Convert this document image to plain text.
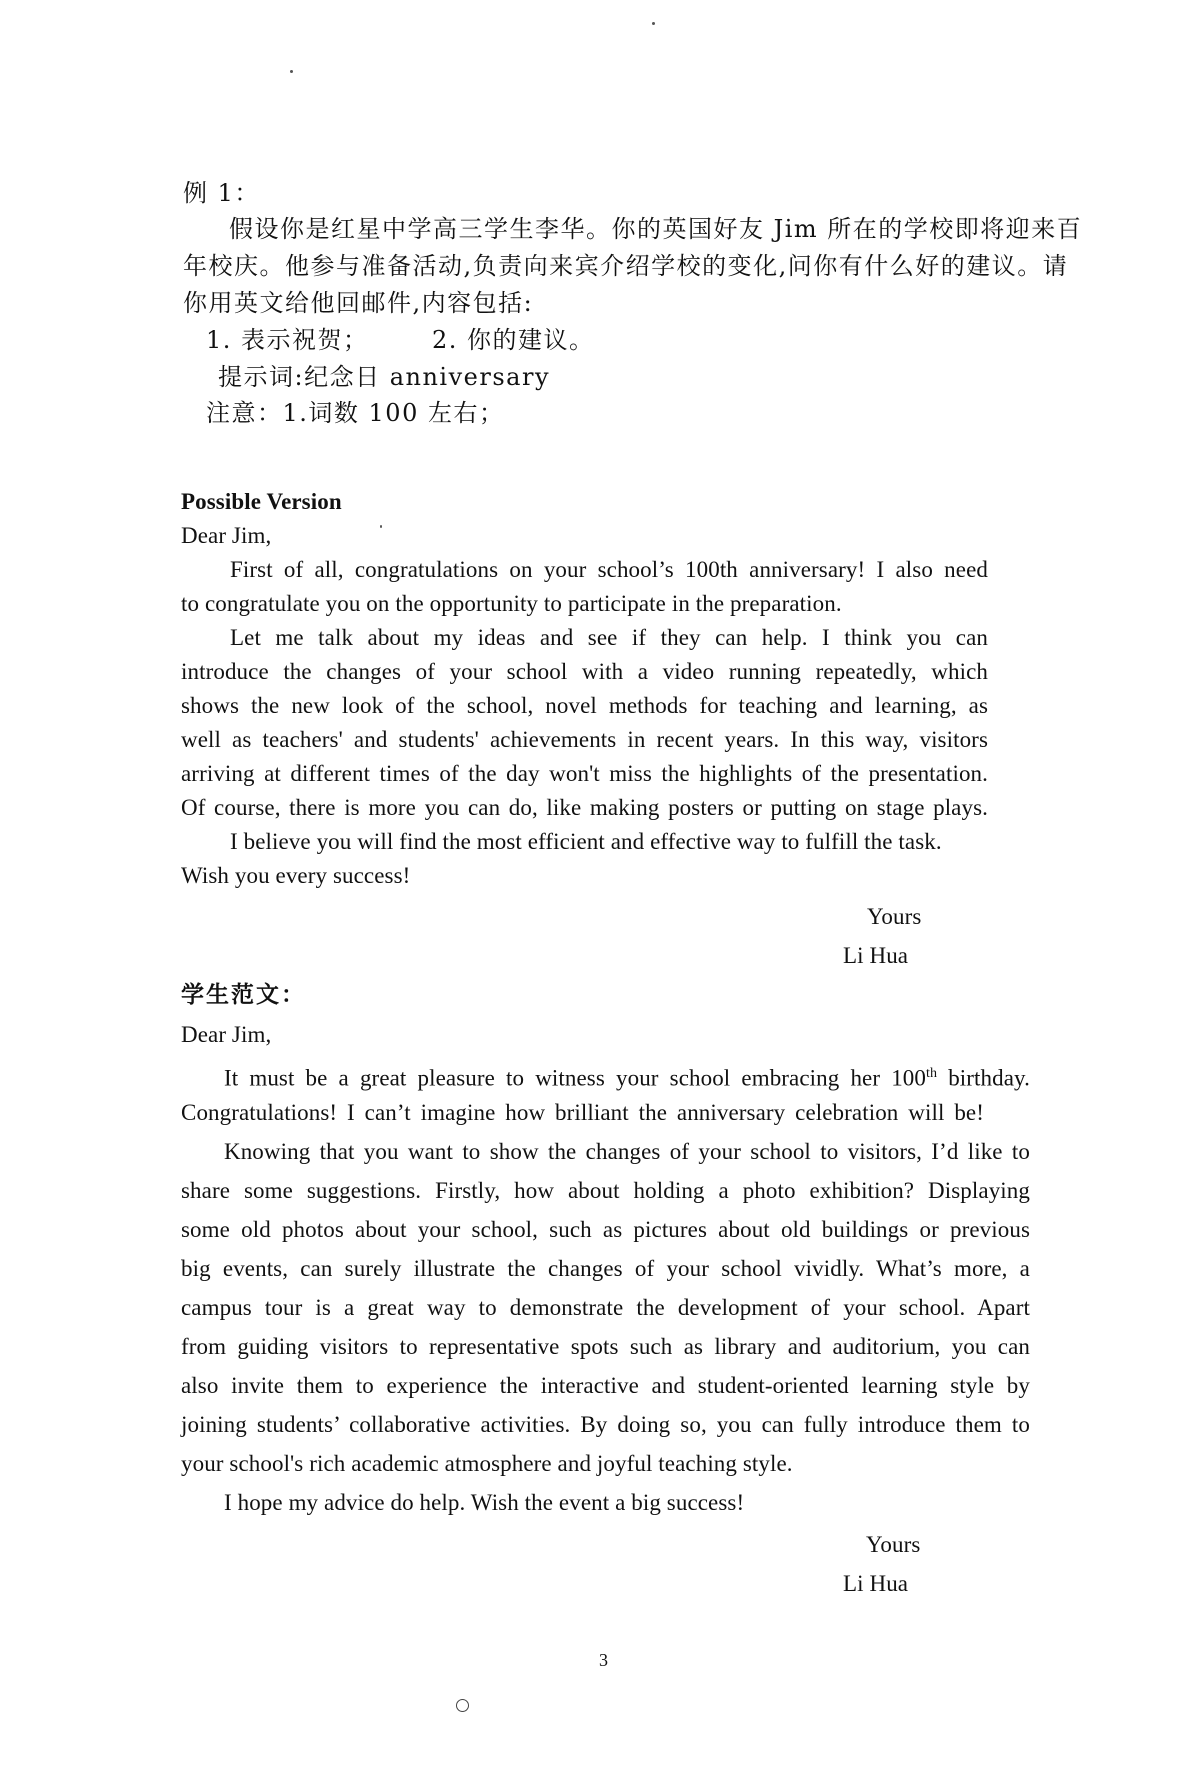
例 1：
假设你是红星中学高三学生李华。你的英国好友 Jim 所在的学校即将迎来百
年校庆。他参与准备活动,负责向来宾介绍学校的变化,问你有什么好的建议。请
你用英文给他回邮件,内容包括:
1. 表示祝贺；	2. 你的建议。
提示词:纪念日 anniversary
注意：1.词数 100 左右；
Possible Version
Dear Jim,
First of all, congratulations on your school’s 100th anniversary! I also need
to congratulate you on the opportunity to participate in the preparation.
Let me talk about my ideas and see if they can help. I think you can
introduce the changes of your school with a video running repeatedly, which
shows the new look of the school, novel methods for teaching and learning, as
well as teachers' and students' achievements in recent years. In this way, visitors
arriving at different times of the day won't miss the highlights of the presentation.
Of course, there is more you can do, like making posters or putting on stage plays.
I believe you will find the most efficient and effective way to fulfill the task.
Wish you every success!
Yours
Li Hua
学生范文：
Dear Jim,
It must be a great pleasure to witness your school embracing her 100th birthday.
Congratulations! I can’t imagine how brilliant the anniversary celebration will be!
Knowing that you want to show the changes of your school to visitors, I’d like to
share some suggestions. Firstly, how about holding a photo exhibition? Displaying
some old photos about your school, such as pictures about old buildings or previous
big events, can surely illustrate the changes of your school vividly. What’s more, a
campus tour is a great way to demonstrate the development of your school. Apart
from guiding visitors to representative spots such as library and auditorium, you can
also invite them to experience the interactive and student-oriented learning style by
joining students’ collaborative activities. By doing so, you can fully introduce them to
your school's rich academic atmosphere and joyful teaching style.
I hope my advice do help. Wish the event a big success!
Yours
Li Hua
3
